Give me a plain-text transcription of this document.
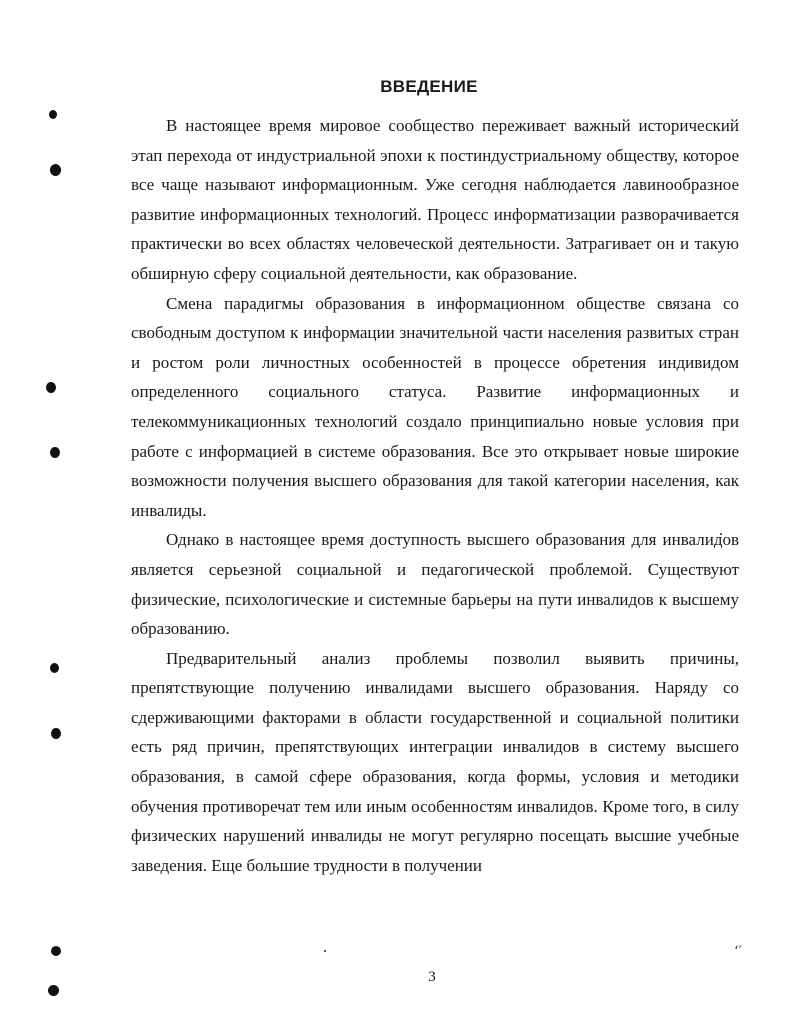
‘′
ВВЕДЕНИЕ

В настоящее время мировое сообщество переживает важный исторический этап перехода от индустриальной эпохи к постиндустриальному обществу, которое все чаще называют информационным. Уже сегодня наблюдается лавинообразное развитие информационных технологий. Процесс информатизации разворачивается практически во всех областях человеческой деятельности. Затрагивает он и такую обширную сферу социальной деятельности, как образование.

Смена парадигмы образования в информационном обществе связана со свободным доступом к информации значительной части населения развитых стран и ростом роли личностных особенностей в процессе обретения индивидом определенного социального статуса. Развитие информационных и телекоммуникационных технологий создало принципиально новые условия при работе с информацией в системе образования. Все это открывает новые широкие возможности получения высшего образования для такой категории населения, как инвалиды.

Однако в настоящее время доступность высшего образования для инвалидов является серьезной социальной и педагогической проблемой. Существуют физические, психологические и системные барьеры на пути инвалидов к высшему образованию.

Предварительный анализ проблемы позволил выявить причины, препятствующие получению инвалидами высшего образования. Наряду со сдерживающими факторами в области государственной и социальной политики есть ряд причин, препятствующих интеграции инвалидов в систему высшего образования, в самой сфере образования, когда формы, условия и методики обучения противоречат тем или иным особенностям инвалидов. Кроме того, в силу физических нарушений инвалиды не могут регулярно посещать высшие учебные заведения. Еще большие трудности в получении

3
